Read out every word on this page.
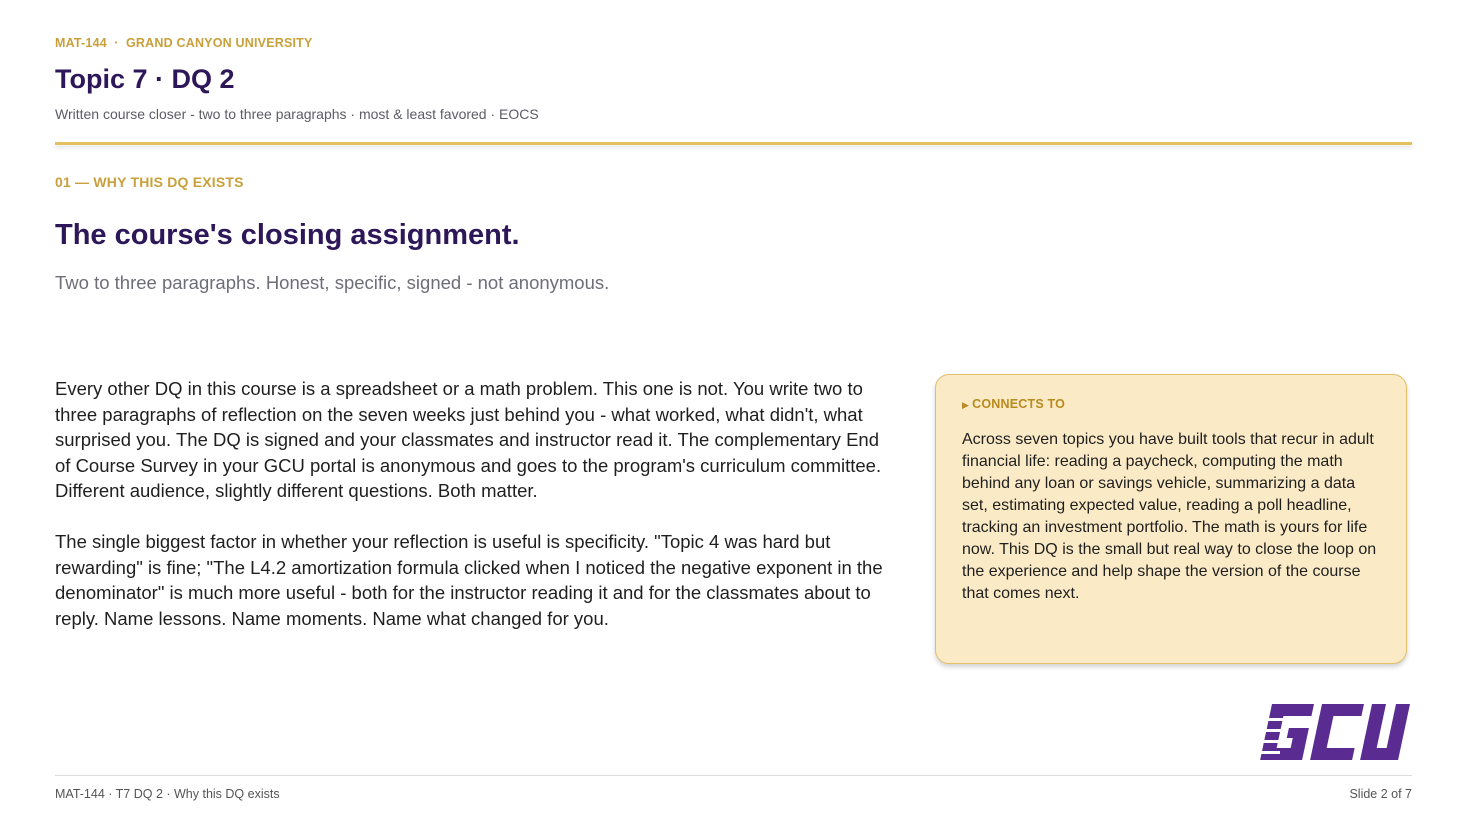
MAT-144 · GRAND CANYON UNIVERSITY
Topic 7 · DQ 2
Written course closer - two to three paragraphs · most & least favored · EOCS
01 — WHY THIS DQ EXISTS
The course's closing assignment.
Two to three paragraphs. Honest, specific, signed - not anonymous.

Every other DQ in this course is a spreadsheet or a math problem. This one is not. You write two to three paragraphs of reflection on the seven weeks just behind you - what worked, what didn't, what surprised you. The DQ is signed and your classmates and instructor read it. The complementary End of Course Survey in your GCU portal is anonymous and goes to the program's curriculum committee. Different audience, slightly different questions. Both matter.

The single biggest factor in whether your reflection is useful is specificity. "Topic 4 was hard but rewarding" is fine; "The L4.2 amortization formula clicked when I noticed the negative exponent in the denominator" is much more useful - both for the instructor reading it and for the classmates about to reply. Name lessons. Name moments. Name what changed for you.

▶ CONNECTS TO
Across seven topics you have built tools that recur in adult financial life: reading a paycheck, computing the math behind any loan or savings vehicle, summarizing a data set, estimating expected value, reading a poll headline, tracking an investment portfolio. The math is yours for life now. This DQ is the small but real way to close the loop on the experience and help shape the version of the course that comes next.
MAT-144 · T7 DQ 2 · Why this DQ exists	Slide 2 of 7
